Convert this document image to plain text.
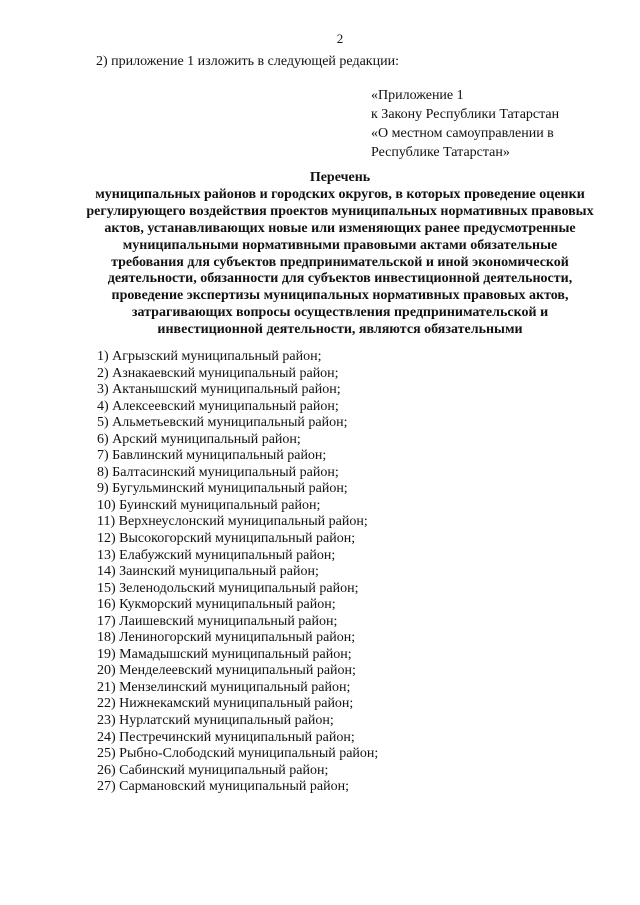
2
2) приложение 1 изложить в следующей редакции:
«Приложение 1
к Закону Республики Татарстан
«О местном самоуправлении в
Республике Татарстан»
Перечень
муниципальных районов и городских округов, в которых проведение оценки
регулирующего воздействия проектов муниципальных нормативных правовых
актов, устанавливающих новые или изменяющих ранее предусмотренные
муниципальными нормативными правовыми актами обязательные
требования для субъектов предпринимательской и иной экономической
деятельности, обязанности для субъектов инвестиционной деятельности,
проведение экспертизы муниципальных нормативных правовых актов,
затрагивающих вопросы осуществления предпринимательской и
инвестиционной деятельности, являются обязательными
1) Агрызский муниципальный район;
2) Азнакаевский муниципальный район;
3) Актанышский муниципальный район;
4) Алексеевский муниципальный район;
5) Альметьевский муниципальный район;
6) Арский муниципальный район;
7) Бавлинский муниципальный район;
8) Балтасинский муниципальный район;
9) Бугульминский муниципальный район;
10) Буинский муниципальный район;
11) Верхнеуслонский муниципальный район;
12) Высокогорский муниципальный район;
13) Елабужский муниципальный район;
14) Заинский муниципальный район;
15) Зеленодольский муниципальный район;
16) Кукморский муниципальный район;
17) Лаишевский муниципальный район;
18) Лениногорский муниципальный район;
19) Мамадышский муниципальный район;
20) Менделеевский муниципальный район;
21) Мензелинский муниципальный район;
22) Нижнекамский муниципальный район;
23) Нурлатский муниципальный район;
24) Пестречинский муниципальный район;
25) Рыбно-Слободский муниципальный район;
26) Сабинский муниципальный район;
27) Сармановский муниципальный район;
